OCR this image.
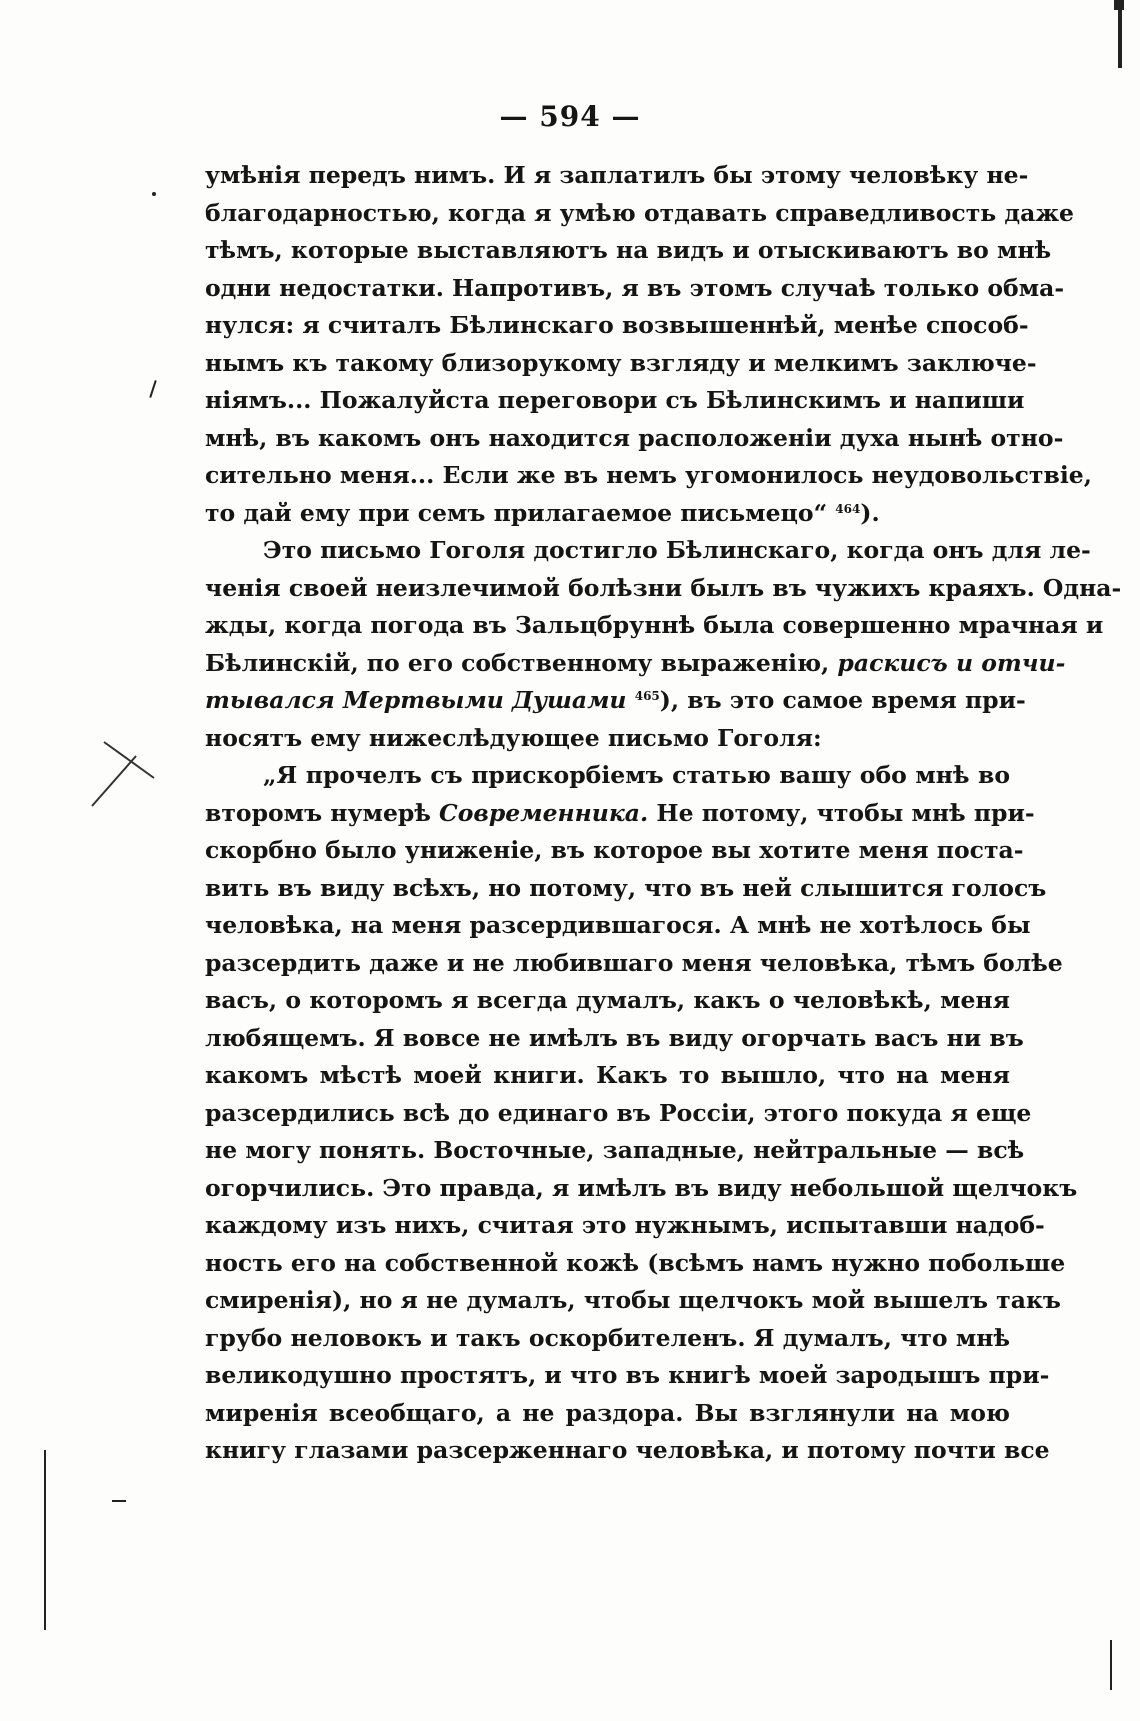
— 594 —
умѣнія передъ нимъ. И я заплатилъ бы этому человѣку не-
благодарностью, когда я умѣю отдавать справедливость даже
тѣмъ, которые выставляютъ на видъ и отыскиваютъ во мнѣ
одни недостатки. Напротивъ, я въ этомъ случаѣ только обма-
нулся: я считалъ Бѣлинскаго возвышеннѣй, менѣе способ-
нымъ къ такому близорукому взгляду и мелкимъ заключе-
ніямъ... Пожалуйста переговори съ Бѣлинскимъ и напиши
мнѣ, въ какомъ онъ находится расположеніи духа нынѣ отно-
сительно меня... Если же въ немъ угомонилось неудовольствіе,
то дай ему при семъ прилагаемое письмецо“ $^{464}$).
Это письмо Гоголя достигло Бѣлинскаго, когда онъ для ле-
ченія своей неизлечимой болѣзни былъ въ чужихъ краяхъ. Одна-
жды, когда погода въ Зальцбруннѣ была совершенно мрачная и
Бѣлинскій, по его собственному выраженію, раскисъ и отчи-
тывался Мертвыми Душами $^{465}$), въ это самое время при-
носятъ ему нижеслѣдующее письмо Гоголя:
„Я прочелъ съ прискорбіемъ статью вашу обо мнѣ во
второмъ нумерѣ Современника. Не потому, чтобы мнѣ при-
скорбно было униженіе, въ которое вы хотите меня поста-
вить въ виду всѣхъ, но потому, что въ ней слышится голосъ
человѣка, на меня разсердившагося. А мнѣ не хотѣлось бы
разсердить даже и не любившаго меня человѣка, тѣмъ болѣе
васъ, о которомъ я всегда думалъ, какъ о человѣкѣ, меня
любящемъ. Я вовсе не имѣлъ въ виду огорчать васъ ни въ
какомъ мѣстѣ моей книги. Какъ то вышло, что на меня
разсердились всѣ до единаго въ Россіи, этого покуда я еще
не могу понять. Восточные, западные, нейтральные — всѣ
огорчились. Это правда, я имѣлъ въ виду небольшой щелчокъ
каждому изъ нихъ, считая это нужнымъ, испытавши надоб-
ность его на собственной кожѣ (всѣмъ намъ нужно побольше
смиренія), но я не думалъ, чтобы щелчокъ мой вышелъ такъ
грубо неловокъ и такъ оскорбителенъ. Я думалъ, что мнѣ
великодушно простятъ, и что въ книгѣ моей зародышъ при-
миренія всеобщаго, а не раздора. Вы взглянули на мою
книгу глазами разсерженнаго человѣка, и потому почти все
